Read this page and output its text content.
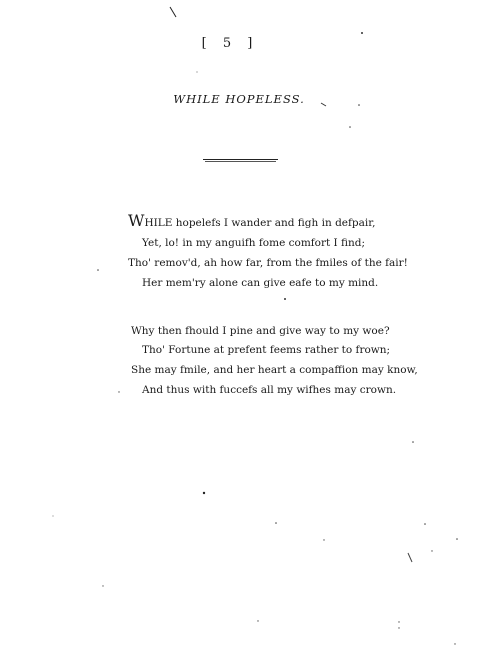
[ 5 ]
WHILE HOPELESS.
WHILE hopelefs I wander and figh in defpair,
Yet, lo! in my anguifh fome comfort I find;
Tho' remov'd, ah how far, from the fmiles of the fair!
Her mem'ry alone can give eafe to my mind.
Why then fhould I pine and give way to my woe?
Tho' Fortune at prefent feems rather to frown;
She may fmile, and her heart a compaffion may know,
And thus with fuccefs all my wifhes may crown.
